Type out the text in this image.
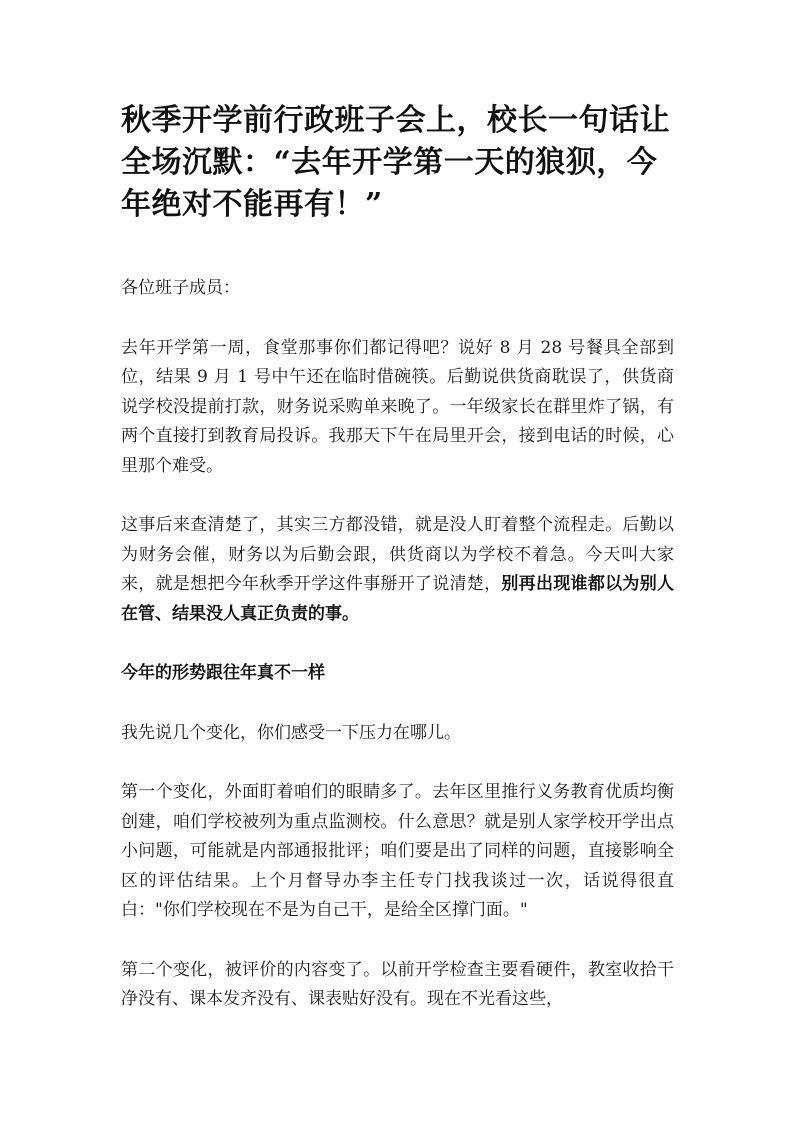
秋季开学前行政班子会上，校长一句话让全场沉默：“去年开学第一天的狼狈，今年绝对不能再有！”

各位班子成员：

去年开学第一周，食堂那事你们都记得吧？说好 8 月 28 号餐具全部到位，结果 9 月 1 号中午还在临时借碗筷。后勤说供货商耽误了，供货商说学校没提前打款，财务说采购单来晚了。一年级家长在群里炸了锅，有两个直接打到教育局投诉。我那天下午在局里开会，接到电话的时候，心里那个难受。

这事后来查清楚了，其实三方都没错，就是没人盯着整个流程走。后勤以为财务会催，财务以为后勤会跟，供货商以为学校不着急。今天叫大家来，就是想把今年秋季开学这件事掰开了说清楚，别再出现谁都以为别人在管、结果没人真正负责的事。

今年的形势跟往年真不一样

我先说几个变化，你们感受一下压力在哪儿。

第一个变化，外面盯着咱们的眼睛多了。去年区里推行义务教育优质均衡创建，咱们学校被列为重点监测校。什么意思？就是别人家学校开学出点小问题，可能就是内部通报批评；咱们要是出了同样的问题，直接影响全区的评估结果。上个月督导办李主任专门找我谈过一次，话说得很直白："你们学校现在不是为自己干，是给全区撑门面。"

第二个变化，被评价的内容变了。以前开学检查主要看硬件，教室收拾干净没有、课本发齐没有、课表贴好没有。现在不光看这些，
